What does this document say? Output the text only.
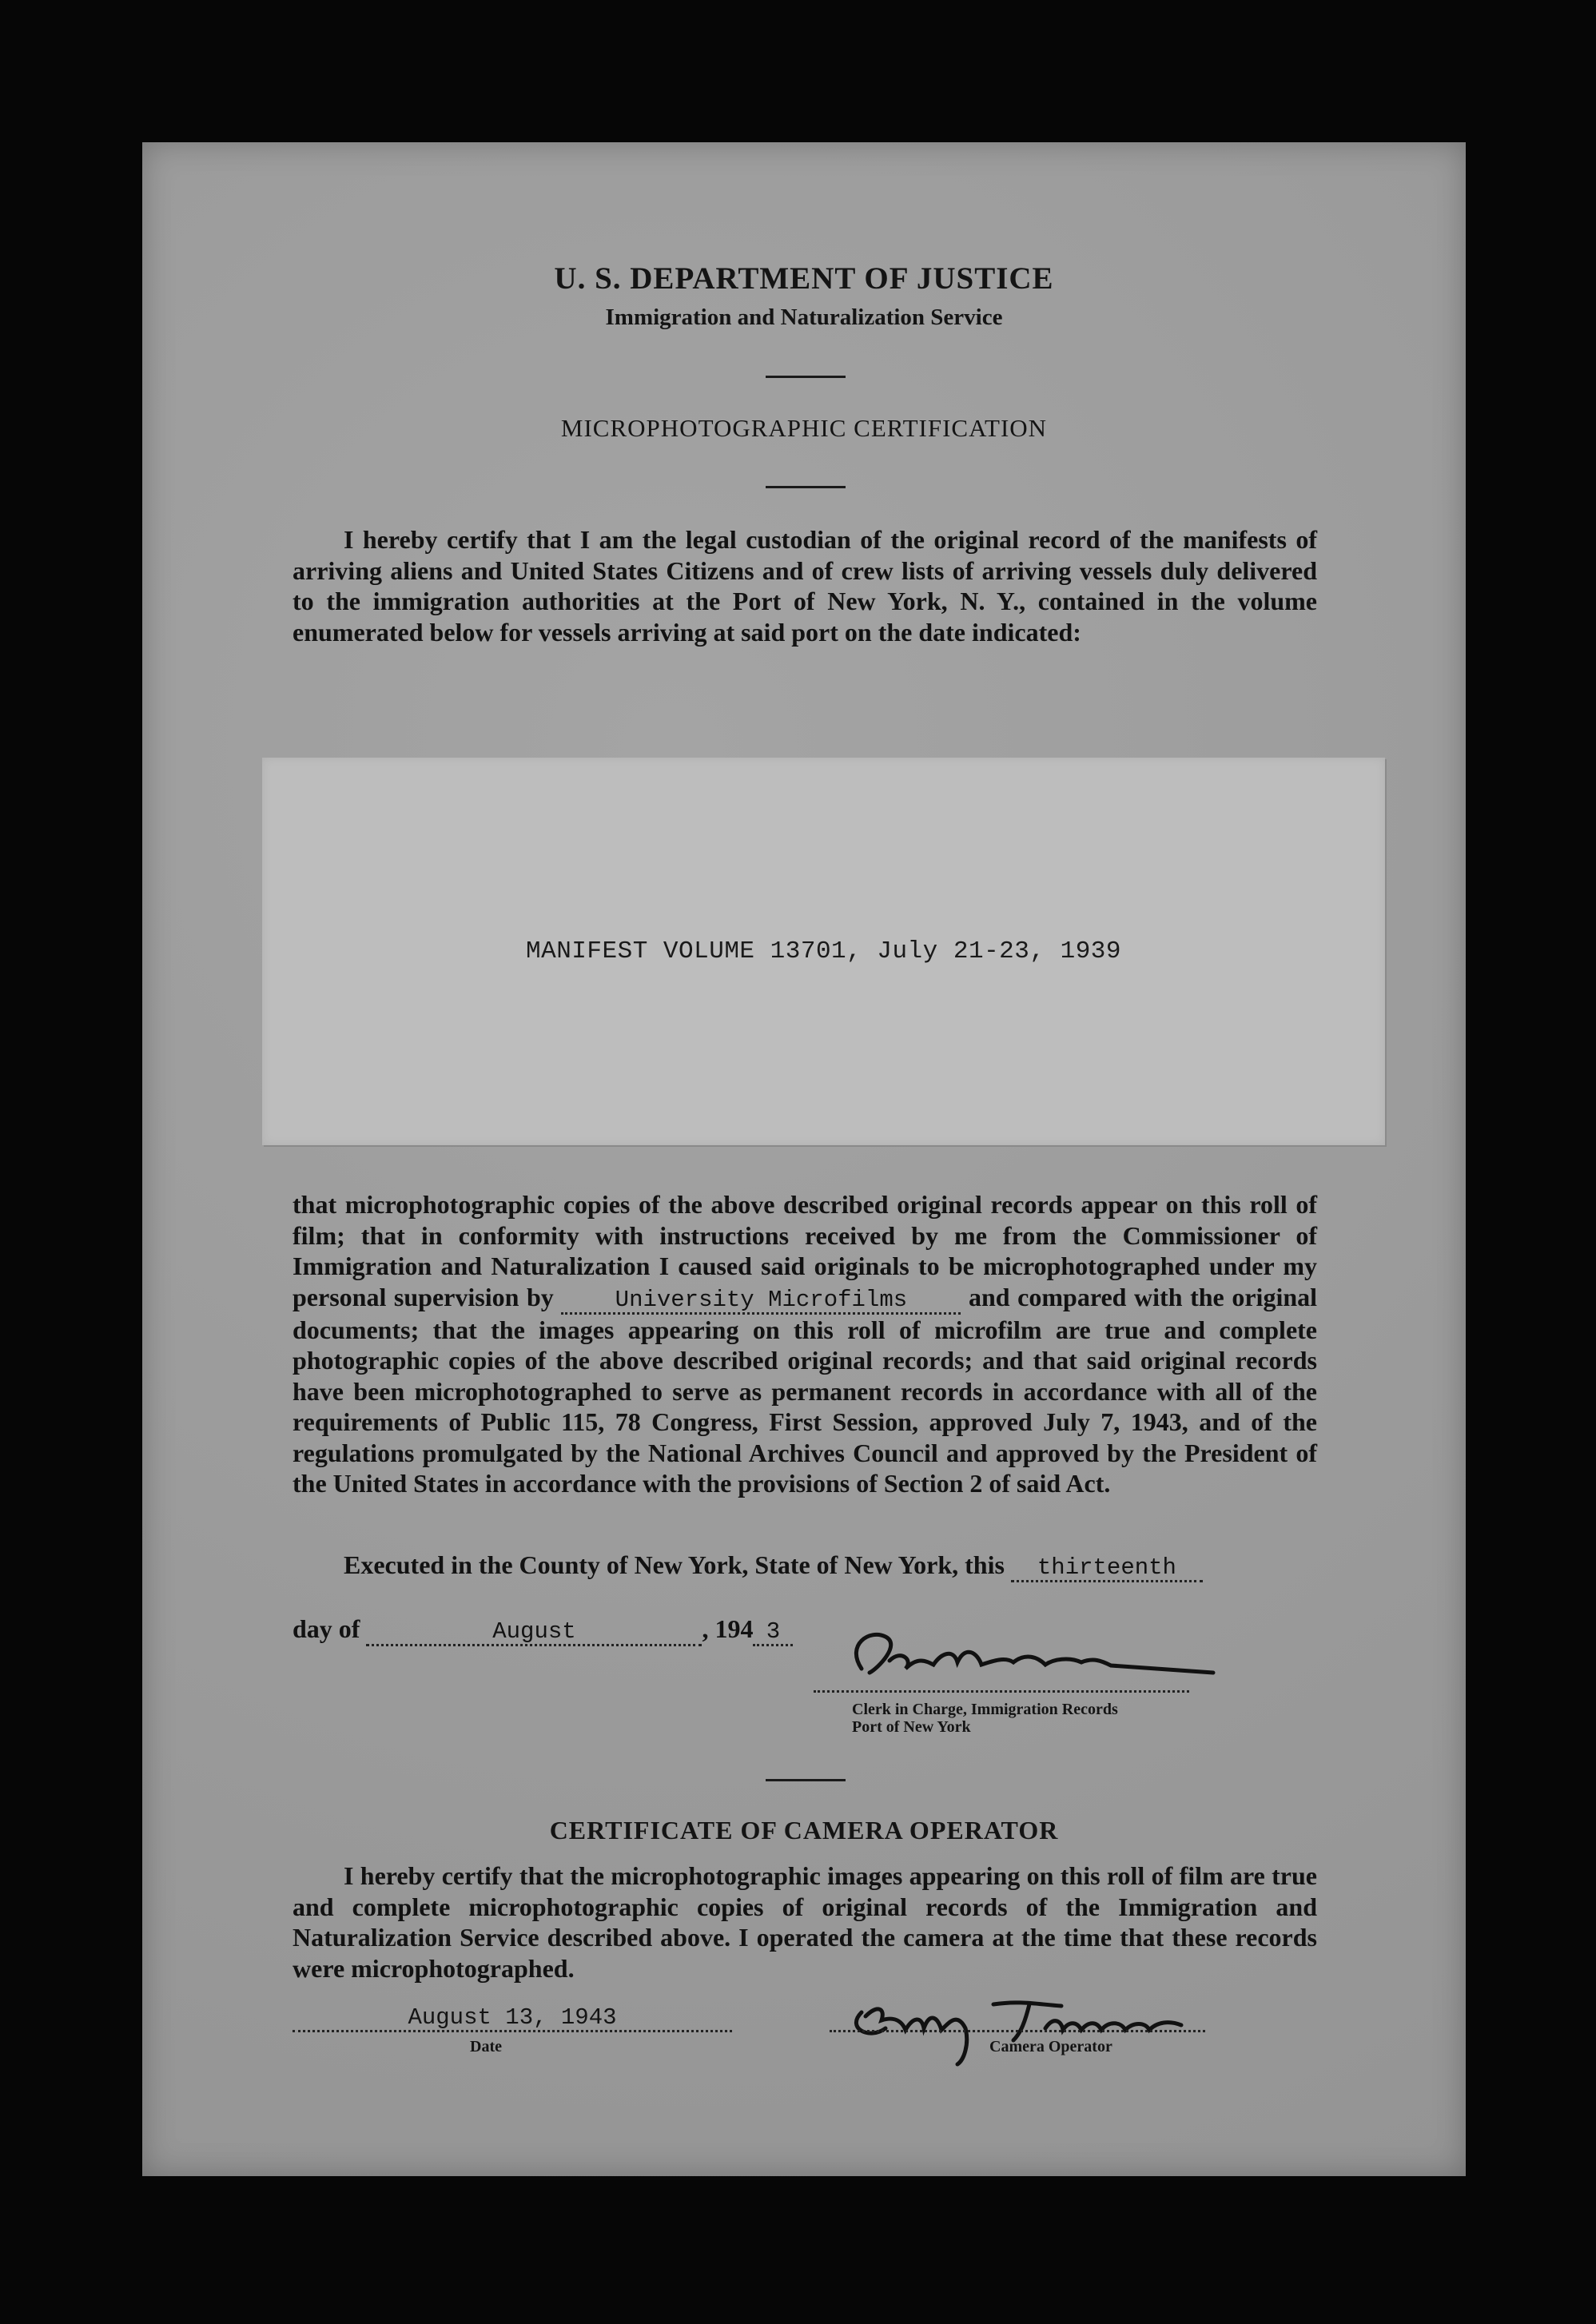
U. S. DEPARTMENT OF JUSTICE
Immigration and Naturalization Service
MICROPHOTOGRAPHIC CERTIFICATION
I hereby certify that I am the legal custodian of the original record of the manifests of arriving aliens and United States Citizens and of crew lists of arriving vessels duly delivered to the immigration authorities at the Port of New York, N. Y., contained in the volume enumerated below for vessels arriving at said port on the date indicated:
MANIFEST VOLUME 13701, July 21-23, 1939
that microphotographic copies of the above described original records appear on this roll of film; that in conformity with instructions received by me from the Commissioner of Immigration and Naturalization I caused said originals to be microphotographed under my personal supervision by	University Microfilms and compared with the original documents; that the images appearing on this roll of microfilm are true and complete photographic copies of the above described original records; and that said original records have been microphotographed to serve as permanent records in accordance with all of the requirements of Public 115, 78 Congress, First Session, approved July 7, 1943, and of the regulations promulgated by the National Archives Council and approved by the President of the United States in accordance with the provisions of Section 2 of said Act.
Executed in the County of New York, State of New York, this thirteenth
day of	August	, 194 3
Clerk in Charge, Immigration Records
Port of New York
CERTIFICATE OF CAMERA OPERATOR
I hereby certify that the microphotographic images appearing on this roll of film are true and complete microphotographic copies of original records of the Immigration and Naturalization Service described above. I operated the camera at the time that these records were microphotographed.
August 13, 1943
Date	Camera Operator
